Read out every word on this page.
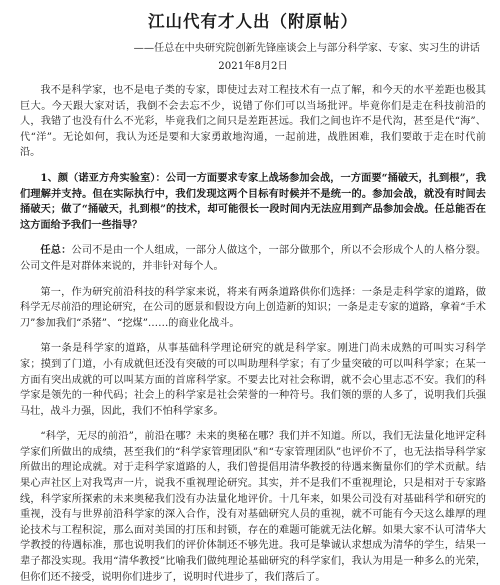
江山代有才人出（附原帖）
——任总在中央研究院创新先锋座谈会上与部分科学家、专家、实习生的讲话
2021年8月2日

我不是科学家，也不是电子类的专家，即使过去对工程技术有一点了解，和今天的水平差距也极其巨大。今天跟大家对话，我倒不会去忘不少，说错了你们可以当场批评。毕竟你们是走在科技前沿的人，我错了也没有什么不光彩，毕竟我们之间只是差距甚远。我们之间也许不是代沟，甚至是代“海”、代“洋”。无论如何，我认为还是要和大家勇敢地沟通，一起前进，战胜困难，我们要敢于走在时代前沿。

1、颜（诺亚方舟实验室）：公司一方面要求专家上战场参加会战，一方面要“捅破天，扎到根”，我们理解并支持。但在实际执行中，我们发现这两个目标有时候并不是统一的。参加会战，就没有时间去捅破天；做了“捅破天，扎到根”的技术，却可能很长一段时间内无法应用到产品参加会战。任总能否在这方面给予我们一些指导？

任总：公司不是由一个人组成，一部分人做这个，一部分做那个，所以不会形成个人的人格分裂。公司文件是对群体来说的，并非针对每个人。

第一，作为研究前沿科技的科学家来说，将来有两条道路供你们选择：一条是走科学家的道路，做科学无尽前沿的理论研究，在公司的愿景和假设方向上创造新的知识；一条是走专家的道路，拿着“手术刀”参加我们“杀猪”、“挖煤”……的商业化战斗。

第一条是科学家的道路，从事基础科学理论研究的就是科学家。刚进门尚未成熟的可叫实习科学家；摸到了门道，小有成就但还没有突破的可以叫助理科学家；有了少量突破的可以叫科学家；在某一方面有突出成就的可以叫某方面的首席科学家。不要去比对社会称谓，就不会心里志忑不安。我们的科学家是领先的一种代码；社会上的科学家是社会荣誉的一种符号。我们领的票的人多了，说明我们兵强马壮，战斗力强，因此，我们不怕科学家多。

“科学，无尽的前沿”，前沿在哪？未来的奥秘在哪？我们并不知道。所以，我们无法量化地评定科学家们所做出的成绩，甚至我们的“科学家管理团队”和“专家管理团队”也评价不了，也无法指导科学家所做出的理论成就。对于走科学家道路的人，我们曾提倡用清华教授的待遇来衡量你们的学术贡献。结果心声社区上对我骂声一片，说我不重视理论研究。其实，并不是我们不重视理论，只是相对于专家路线，科学家所探索的未来奥秘我们没有办法量化地评价。十几年来，如果公司没有对基础科学和研究的重视，没有与世界前沿科学家的深入合作，没有对基础研究人员的重视，就不可能有今天这么雄厚的理论技术与工程积淀，那么面对美国的打压和封锁，存在的难题可能就无法化解。如果大家不认可清华大学教授的待遇标准，那也说明我们的评价体制还不够先进。我可是挚诚认求想成为清华的学生，结果一辈子都没实现。我用“清华教授”比喻我们做纯理论基础研究的科学家们，我认为用是一种多么的光荣，但你们还不接受，说明你们进步了，说明时代进步了，我们落后了。
